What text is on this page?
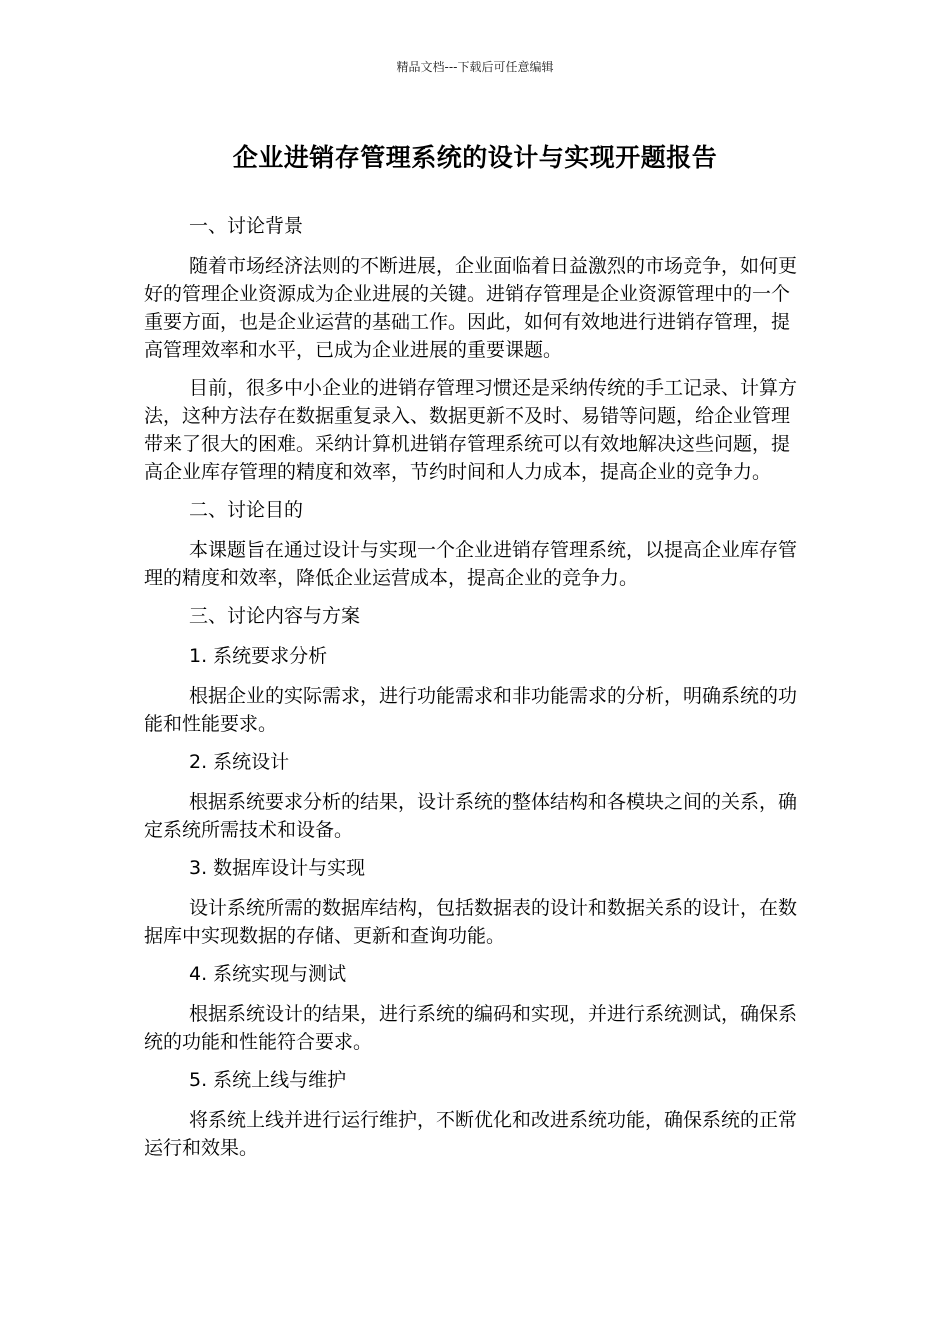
精品文档---下载后可任意编辑
企业进销存管理系统的设计与实现开题报告

一、讨论背景

随着市场经济法则的不断进展，企业面临着日益激烈的市场竞争，如何更好的管理企业资源成为企业进展的关键。进销存管理是企业资源管理中的一个重要方面，也是企业运营的基础工作。因此，如何有效地进行进销存管理，提高管理效率和水平，已成为企业进展的重要课题。

目前，很多中小企业的进销存管理习惯还是采纳传统的手工记录、计算方法，这种方法存在数据重复录入、数据更新不及时、易错等问题，给企业管理带来了很大的困难。采纳计算机进销存管理系统可以有效地解决这些问题，提高企业库存管理的精度和效率，节约时间和人力成本，提高企业的竞争力。

二、讨论目的

本课题旨在通过设计与实现一个企业进销存管理系统，以提高企业库存管理的精度和效率，降低企业运营成本，提高企业的竞争力。

三、讨论内容与方案

1. 系统要求分析

根据企业的实际需求，进行功能需求和非功能需求的分析，明确系统的功能和性能要求。

2. 系统设计

根据系统要求分析的结果，设计系统的整体结构和各模块之间的关系，确定系统所需技术和设备。

3. 数据库设计与实现

设计系统所需的数据库结构，包括数据表的设计和数据关系的设计，在数据库中实现数据的存储、更新和查询功能。

4. 系统实现与测试

根据系统设计的结果，进行系统的编码和实现，并进行系统测试，确保系统的功能和性能符合要求。

5. 系统上线与维护

将系统上线并进行运行维护，不断优化和改进系统功能，确保系统的正常运行和效果。
